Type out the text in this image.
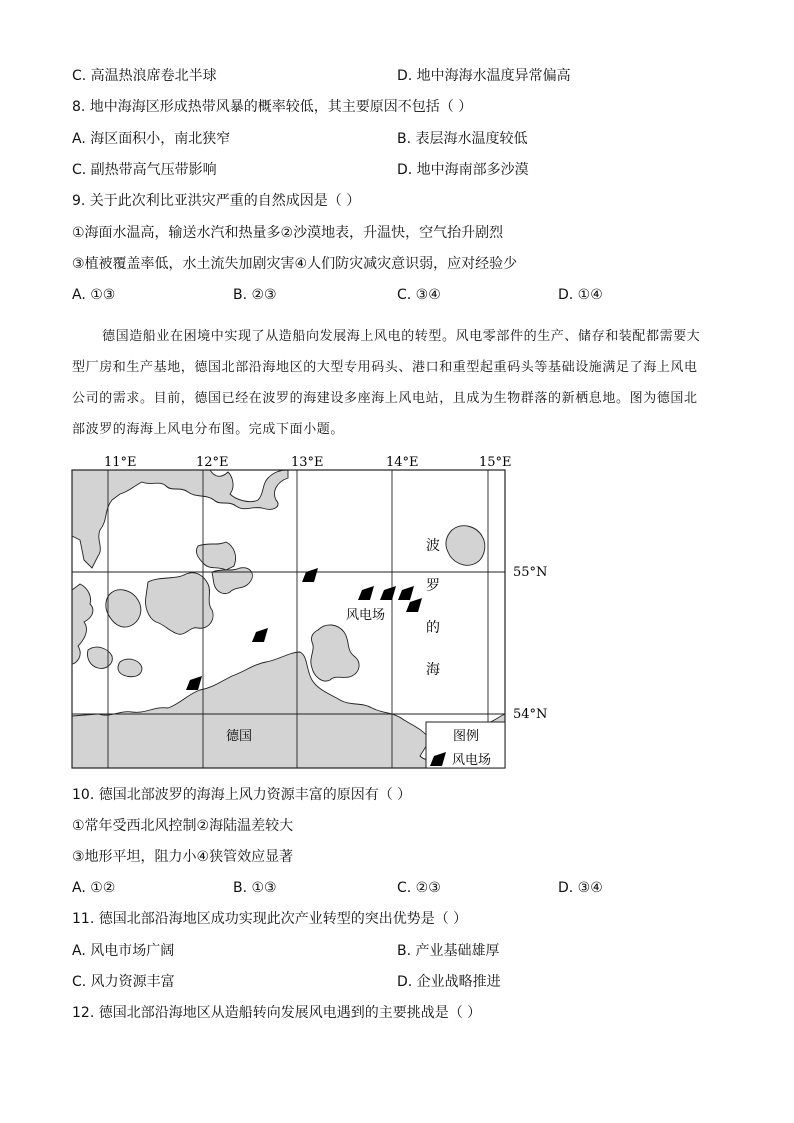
C. 高温热浪席卷北半球	D. 地中海海水温度异常偏高
8. 地中海海区形成热带风暴的概率较低，其主要原因不包括（ ）
A. 海区面积小，南北狭窄	B. 表层海水温度较低
C. 副热带高气压带影响	D. 地中海南部多沙漠
9. 关于此次利比亚洪灾严重的自然成因是（ ）
①海面水温高，输送水汽和热量多②沙漠地表，升温快，空气抬升剧烈
③植被覆盖率低，水土流失加剧灾害④人们防灾减灾意识弱，应对经验少
A. ①③	B. ②③	C. ③④	D. ①④
德国造船业在困境中实现了从造船向发展海上风电的转型。风电零部件的生产、储存和装配都需要大
型厂房和生产基地，德国北部沿海地区的大型专用码头、港口和重型起重码头等基础设施满足了海上风电
公司的需求。目前，德国已经在波罗的海建设多座海上风电站，且成为生物群落的新栖息地。图为德国北
部波罗的海海上风电分布图。完成下面小题。
11°E	12°E	13°E	14°E	15°E
55°N
54°N
波
罗
的
海
风电场
德国	图例
风电场
10. 德国北部波罗的海海上风力资源丰富的原因有（ ）
①常年受西北风控制②海陆温差较大
③地形平坦，阻力小④狭管效应显著
A. ①②	B. ①③	C. ②③	D. ③④
11. 德国北部沿海地区成功实现此次产业转型的突出优势是（ ）
A. 风电市场广阔	B. 产业基础雄厚
C. 风力资源丰富	D. 企业战略推进
12. 德国北部沿海地区从造船转向发展风电遇到的主要挑战是（ ）
